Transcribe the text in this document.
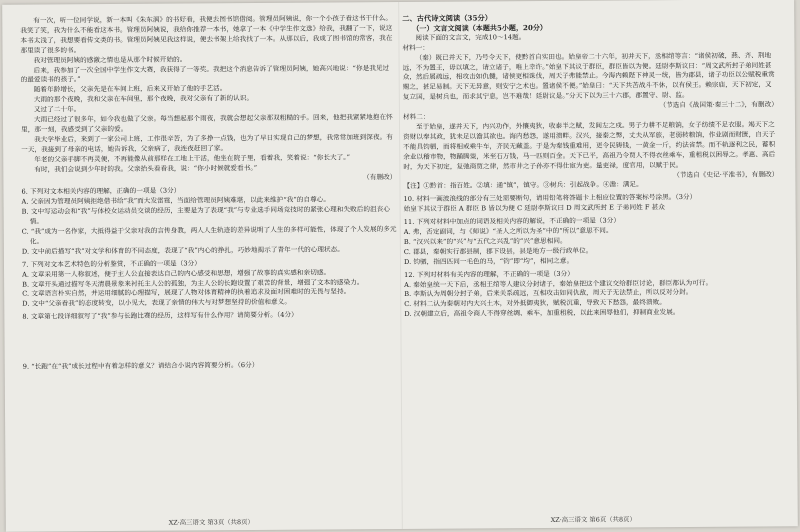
有一次，听一位同学说，新一本叫《朱东润》的书好看，我便去图书馆借阅。管理员阿姨说，你一个小孩子看这书干什么。我笑了笑，我为什么不能看这本书。管理员阿姨说，我给你推荐一本书，她拿了一本《中学生作文选》给我，我翻了一下，说这本书太浅了，我想要看传文类的书。管理员阿姨见我这样说，便去书架上给我找了一本。从那以后，我成了图书馆的常客，我在那里读了很多的书。

我对管理员阿姨的感激之情也是从那个时候开始的。

后来，我参加了一次全国中学生作文大赛，我获得了一等奖。我把这个消息告诉了管理员阿姨，她高兴地说：“你是我见过的最爱读书的孩子。”

随着年龄增长，父亲先是在车间上班，后来又开始了他的手艺活。

大雨的那个夜晚，我和父亲在车间里，那个夜晚，我对父亲有了新的认识。

又过了二十年。

大雨已经过了很多年，如今我也做了父亲。每当想起那个雨夜，我就会想起父亲那双粗糙的手。回来，他把我紧紧地抱在怀里，那一刻，我感受到了父亲的爱。

我大学毕业后，来到了一家公司上班，工作很辛苦，为了多挣一点钱，也为了早日实现自己的梦想，我常常加班到深夜。有一天，我接到了母亲的电话，她告诉我，父亲病了，我连夜赶回了家。

年老的父亲手脚不再灵便，不再能像从前那样在工地上干活，他坐在院子里，看着我，笑着说：“你长大了。”

有时，我们会说到少年时的我。父亲抬头看看我，说：“你小时候就爱看书。”

（有删改）

6. 下列对文本相关内容的理解，正确的一项是（3分）

A. 父亲因为管理员阿姨拒绝借书给“我”而大发雷霆，当面给管理员阿姨难堪，以此来维护“我”的自尊心。

B. 文中写运动会和“我”与体校女运动员交谈的经历，主要是为了表现“我”与专业选手同场竞技时的紧张心理和失败后的沮丧心情。

C. “我”成为一名作家，大抵得益于父亲对我的言传身教，两人人生轨迹的差异说明了人生的多样可能性，体现了个人发展的多元化。

D. 文中前后描写“我”对文学和体育的不同态度，表现了“我”内心的挣扎，巧妙地揭示了青年一代的心理状态。

7. 下列对文本艺术特色的分析鉴赏，不正确的一项是（3分）

A. 文章采用第一人称叙述，便于主人公直接表达自己的内心感受和思想，增强了故事的真实感和亲切感。

B. 文章开头通过描写冬天清晨景象来衬托主人公的孤独，为主人公的长跑设置了艰苦的背景，增强了文本的感染力。

C. 文章语言朴实自然，并运用细腻的心理描写，展现了人物对体育精神的执着追求及面对困难时的无畏与坚持。

D. 文中“父亲看我”的态度转变，以小见大，表现了亲情的伟大与对梦想坚持的价值和意义。

8. 文章第七段详细叙写了“我”参与长跑比赛的经历，这样写有什么作用？请简要分析。（4分）

9. “长跑”在“我”成长过程中有着怎样的意义？请结合小说内容简要分析。（6分）

XZ·高三语文 第3页（共8页）

二、古代诗文阅读（35分）

（一）文言文阅读（本题共5小题，20分）

阅读下面的文言文，完成10～14题。

材料一：

（秦）既已并天下，乃号令天下，使黔首自实田也。始皇帝二十六年，初并天下，丞相绾等言：“诸侯初破，燕、齐、荆地远，不为置王，毋以填之，请立诸子，唯上幸许。”始皇下其议于群臣，群臣皆以为便。廷尉李斯议曰：“周文武所封子弟同姓甚众，然后属疏远，相攻击如仇雠，诸侯更相诛伐，周天子弗能禁止。今海内赖陛下神灵一统，皆为郡县，诸子功臣以公赋税重赏赐之，甚足易制。天下无异意，则安宁之术也。置诸侯不便。”始皇曰：“天下共苦战斗不休，以有侯王。赖宗庙，天下初定，又复立国，是树兵也，而求其宁息，岂不难哉！廷尉议是。”分天下以为三十六郡，郡置守、尉、监。

（节选自《战国策·秦三十二》，有删改）

材料二：

至于始皇，遂并天下，内兴功作，外攘夷狄，收泰半之赋，发闾左之戍。男子力耕不足粮饷，女子纺绩不足衣服。竭天下之资财以奉其政，犹未足以澹其欲也。海内愁怨，遂用溃畔。汉兴，接秦之弊，丈夫从军旅，老弱转粮饷，作业剧而财匮，自天子不能具钧驷，而将相或乘牛车，齐民无藏盖。于是为秦钱重难用，更令民铸钱，一黄金一斤，约法省禁。而不轨逐利之民，蓄积余业以稽市物，物踊腾粜，米至石万钱，马一匹则百金。天下已平，高祖乃令贾人不得衣丝乘车，重租税以困辱之。孝惠、高后时，为天下初定，复弛商贾之律，然市井之子孙亦不得仕宦为吏。量吏禄，度官用，以赋于民。

（节选自《史记·平准书》，有删改）

【注】①黔首：指百姓。②填：通“镇”，镇守。③树兵：引起战争。④澹：满足。

10. 材料一画波浪线的部分有三处需要断句，请用铅笔将答题卡上相应位置的答案标号涂黑。（3分）

始皇下其议于群臣 A 群臣 B 皆以为便 C 廷尉李斯议曰 D 周文武所封 E 子弟同姓 F 甚众

11. 下列对材料中加点的词语及相关内容的解说，不正确的一项是（3分）

A. 弗，否定副词，与《师说》“圣人之所以为圣”中的“所以”意思不同。

B. “汉兴以来”的“兴”与“五代之兴乱”的“兴”意思相同。

C. 郡县，秦朝实行郡县制，郡下设县，县是地方一级行政单位。

D. 钧驷，指四匹同一毛色的马，“钧”即“均”，相同之意。

12. 下列对材料有关内容的理解，不正确的一项是（3分）

A. 秦始皇统一天下后，丞相王绾等人建议分封诸子，秦始皇把这个建议交给群臣讨论，群臣都认为可行。

B. 李斯认为周朝分封子弟，后来关系疏远，互相攻击如同仇敌，周天子无法禁止，所以反对分封。

C. 材料二认为秦朝对内大兴土木，对外抵御夷狄，赋税沉重，导致天下愁怨，最终溃败。

D. 汉朝建立后，高祖令商人不得穿丝绸、乘车，加重租税，以此来困辱他们，抑制商业发展。

XZ·高三语文 第6页（共8页）
